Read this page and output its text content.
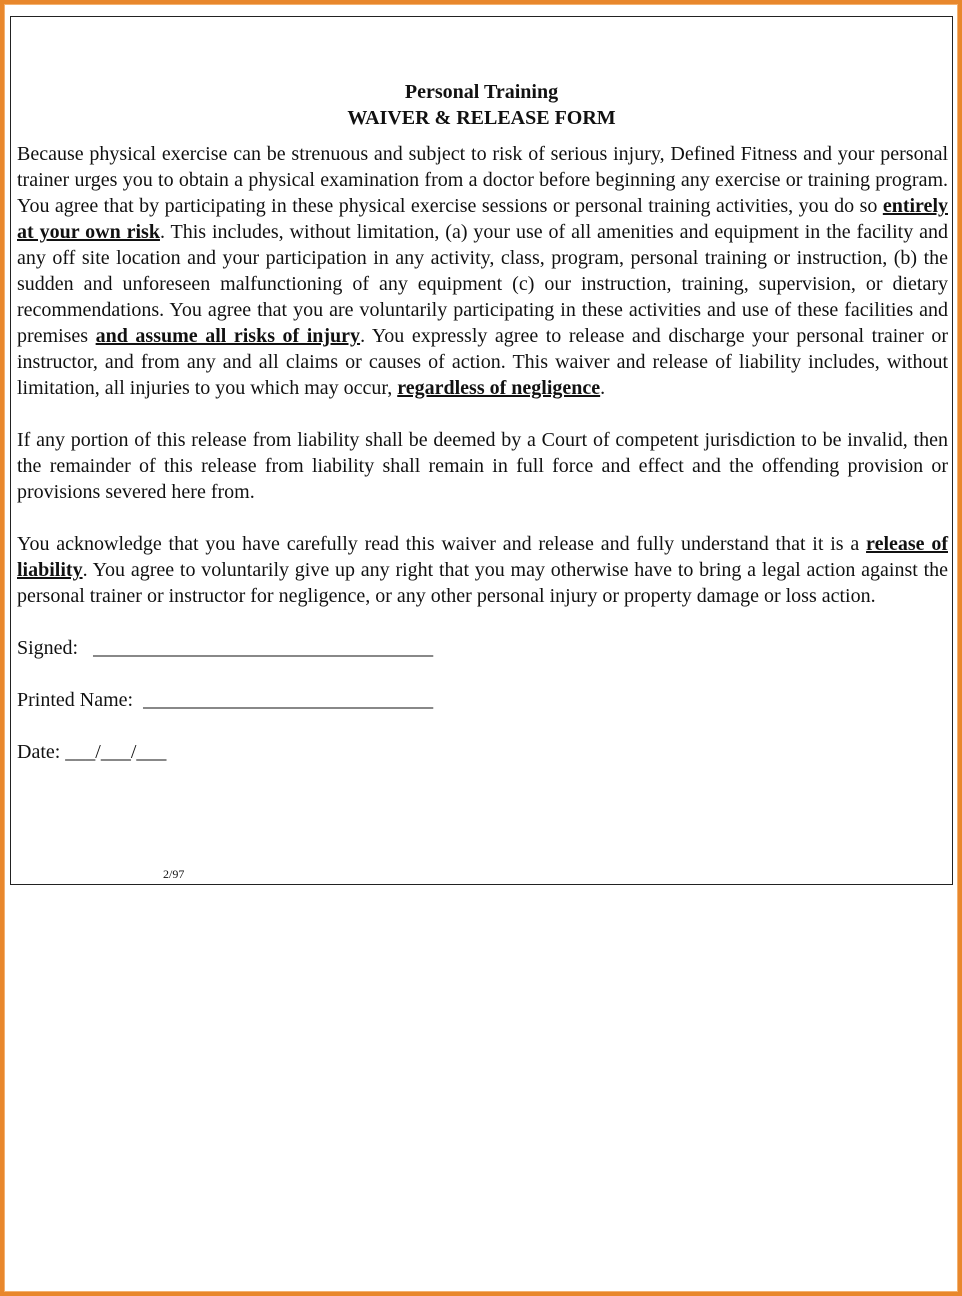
Personal Training
WAIVER & RELEASE FORM

Because physical exercise can be strenuous and subject to risk of serious injury, Defined Fitness and your personal trainer urges you to obtain a physical examination from a doctor before beginning any exercise or training program. You agree that by participating in these physical exercise sessions or personal training activities, you do so entirely at your own risk. This includes, without limitation, (a) your use of all amenities and equipment in the facility and any off site location and your participation in any activity, class, program, personal training or instruction, (b) the sudden and unforeseen malfunctioning of any equipment (c) our instruction, training, supervision, or dietary recommendations. You agree that you are voluntarily participating in these activities and use of these facilities and premises and assume all risks of injury. You expressly agree to release and discharge your personal trainer or instructor, and from any and all claims or causes of action. This waiver and release of liability includes, without limitation, all injuries to you which may occur, regardless of negligence.

If any portion of this release from liability shall be deemed by a Court of competent jurisdiction to be invalid, then the remainder of this release from liability shall remain in full force and effect and the offending provision or provisions severed here from.

You acknowledge that you have carefully read this waiver and release and fully understand that it is a release of liability. You agree to voluntarily give up any right that you may otherwise have to bring a legal action against the personal trainer or instructor for negligence, or any other personal injury or property damage or loss action.

Signed:   __________________________________
Printed Name:  _____________________________
Date: ___/___/___
2/97
